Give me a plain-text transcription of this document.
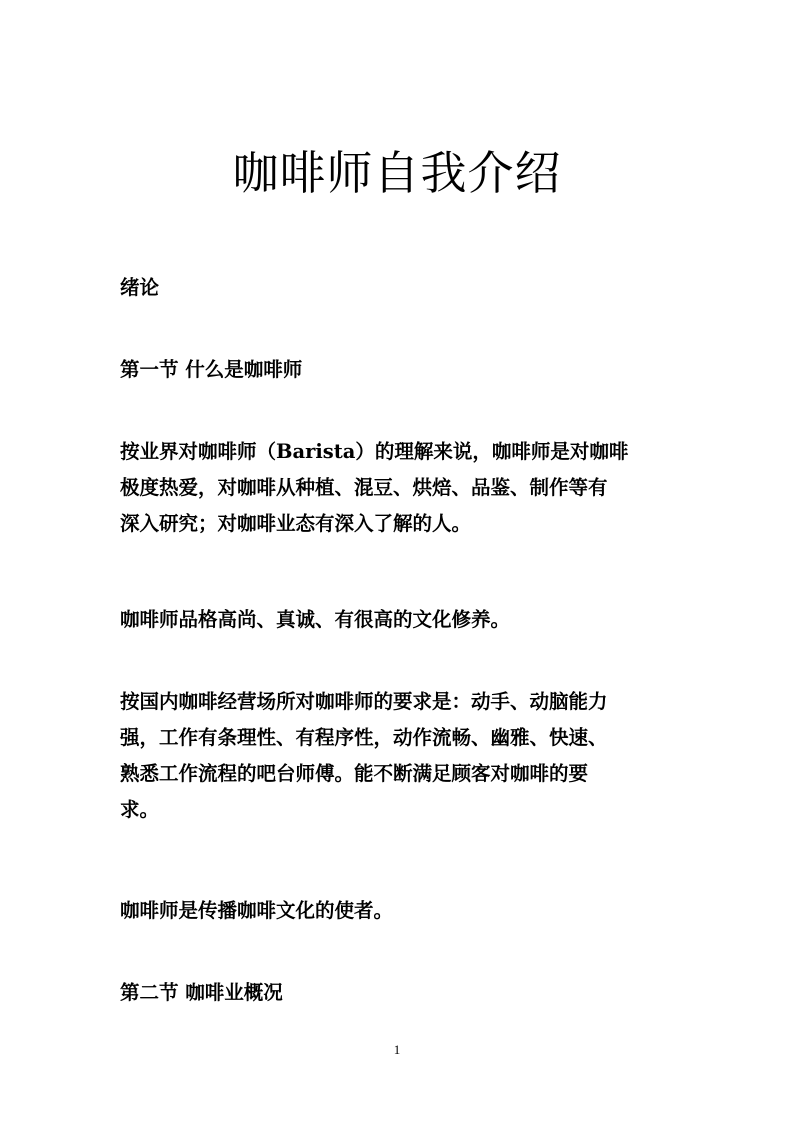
咖啡师自我介绍

绪论

第一节 什么是咖啡师

按业界对咖啡师（Barista）的理解来说，咖啡师是对咖啡
极度热爱，对咖啡从种植、混豆、烘焙、品鉴、制作等有
深入研究；对咖啡业态有深入了解的人。
咖啡师品格高尚、真诚、有很高的文化修养。
按国内咖啡经营场所对咖啡师的要求是：动手、动脑能力
强，工作有条理性、有程序性，动作流畅、幽雅、快速、
熟悉工作流程的吧台师傅。能不断满足顾客对咖啡的要
求。
咖啡师是传播咖啡文化的使者。

第二节 咖啡业概况

1
